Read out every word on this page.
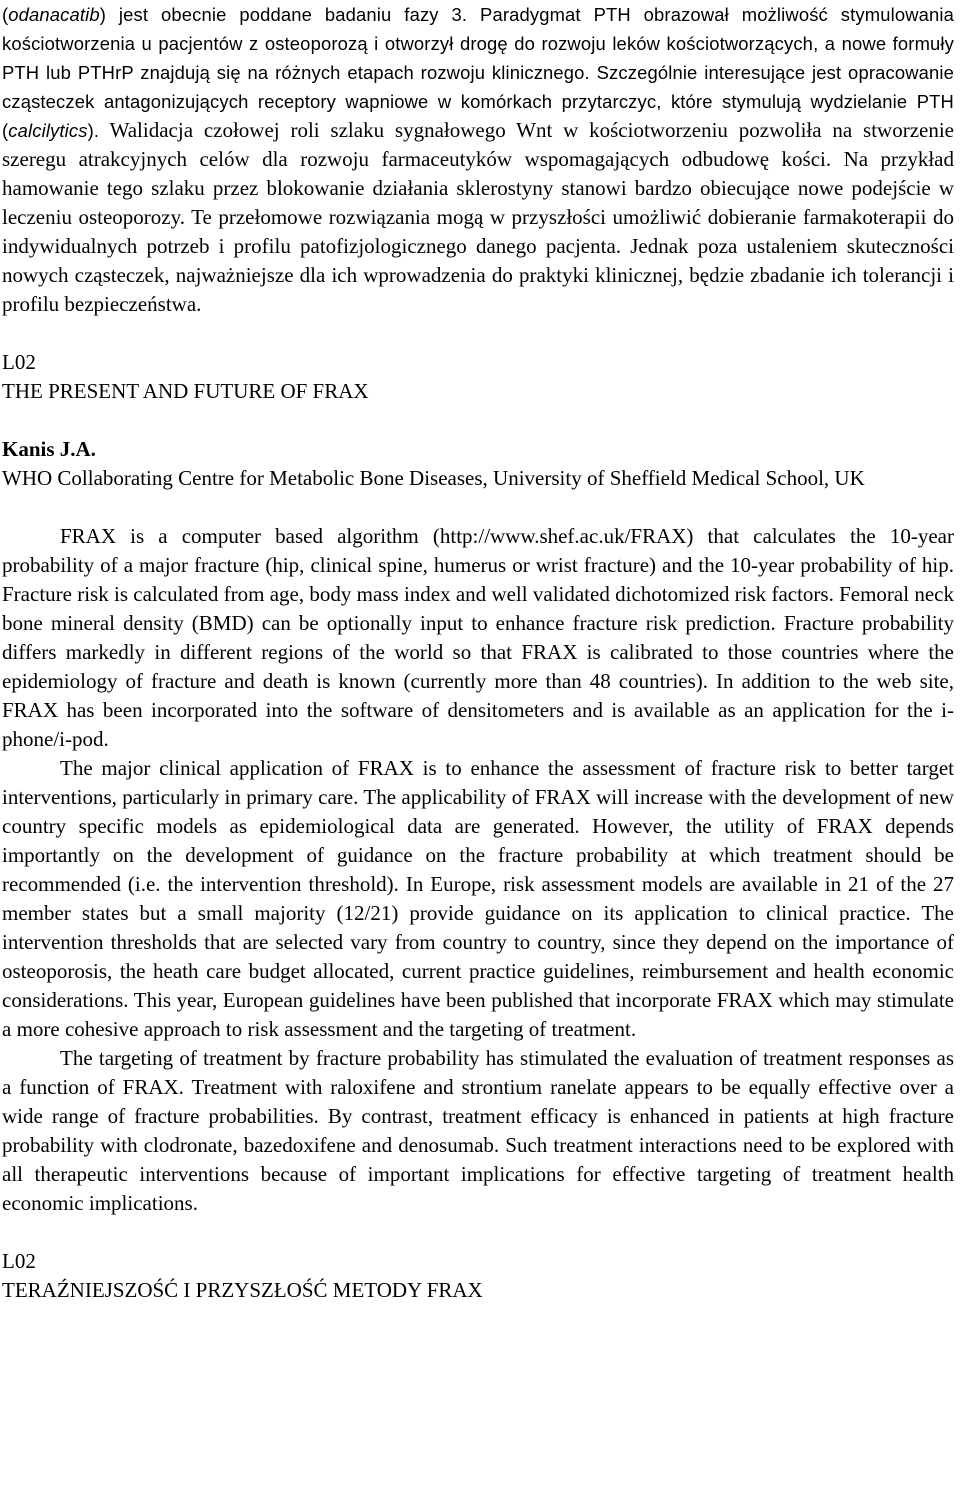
(odanacatib) jest obecnie poddane badaniu fazy 3. Paradygmat PTH obrazował możliwość stymulowania kościotworzenia u pacjentów z osteoporozą i otworzył drogę do rozwoju leków kościotworzących, a nowe formuły PTH lub PTHrP znajdują się na różnych etapach rozwoju klinicznego. Szczególnie interesujące jest opracowanie cząsteczek antagonizujących receptory wapniowe w komórkach przytarczyc, które stymulują wydzielanie PTH (calcilytics). Walidacja czołowej roli szlaku sygnałowego Wnt w kościotworzeniu pozwoliła na stworzenie szeregu atrakcyjnych celów dla rozwoju farmaceutyków wspomagających odbudowę kości. Na przykład hamowanie tego szlaku przez blokowanie działania sklerostyny stanowi bardzo obiecujące nowe podejście w leczeniu osteoporozy. Te przełomowe rozwiązania mogą w przyszłości umożliwić dobieranie farmakoterapii do indywidualnych potrzeb i profilu patofizjologicznego danego pacjenta. Jednak poza ustaleniem skuteczności nowych cząsteczek, najważniejsze dla ich wprowadzenia do praktyki klinicznej, będzie zbadanie ich tolerancji i profilu bezpieczeństwa.

L02
THE PRESENT AND FUTURE OF FRAX
Kanis J.A.

WHO Collaborating Centre for Metabolic Bone Diseases, University of Sheffield Medical School, UK

FRAX is a computer based algorithm (http://www.shef.ac.uk/FRAX) that calculates the 10-year probability of a major fracture (hip, clinical spine, humerus or wrist fracture) and the 10-year probability of hip. Fracture risk is calculated from age, body mass index and well validated dichotomized risk factors. Femoral neck bone mineral density (BMD) can be optionally input to enhance fracture risk prediction. Fracture probability differs markedly in different regions of the world so that FRAX is calibrated to those countries where the epidemiology of fracture and death is known (currently more than 48 countries). In addition to the web site, FRAX has been incorporated into the software of densitometers and is available as an application for the i-phone/i-pod.

The major clinical application of FRAX is to enhance the assessment of fracture risk to better target interventions, particularly in primary care. The applicability of FRAX will increase with the development of new country specific models as epidemiological data are generated. However, the utility of FRAX depends importantly on the development of guidance on the fracture probability at which treatment should be recommended (i.e. the intervention threshold). In Europe, risk assessment models are available in 21 of the 27 member states but a small majority (12/21) provide guidance on its application to clinical practice. The intervention thresholds that are selected vary from country to country, since they depend on the importance of osteoporosis, the heath care budget allocated, current practice guidelines, reimbursement and health economic considerations. This year, European guidelines have been published that incorporate FRAX which may stimulate a more cohesive approach to risk assessment and the targeting of treatment.

The targeting of treatment by fracture probability has stimulated the evaluation of treatment responses as a function of FRAX. Treatment with raloxifene and strontium ranelate appears to be equally effective over a wide range of fracture probabilities. By contrast, treatment efficacy is enhanced in patients at high fracture probability with clodronate, bazedoxifene and denosumab. Such treatment interactions need to be explored with all therapeutic interventions because of important implications for effective targeting of treatment health economic implications.

L02
TERAŹNIEJSZOŚĆ I PRZYSZŁOŚĆ METODY FRAX
